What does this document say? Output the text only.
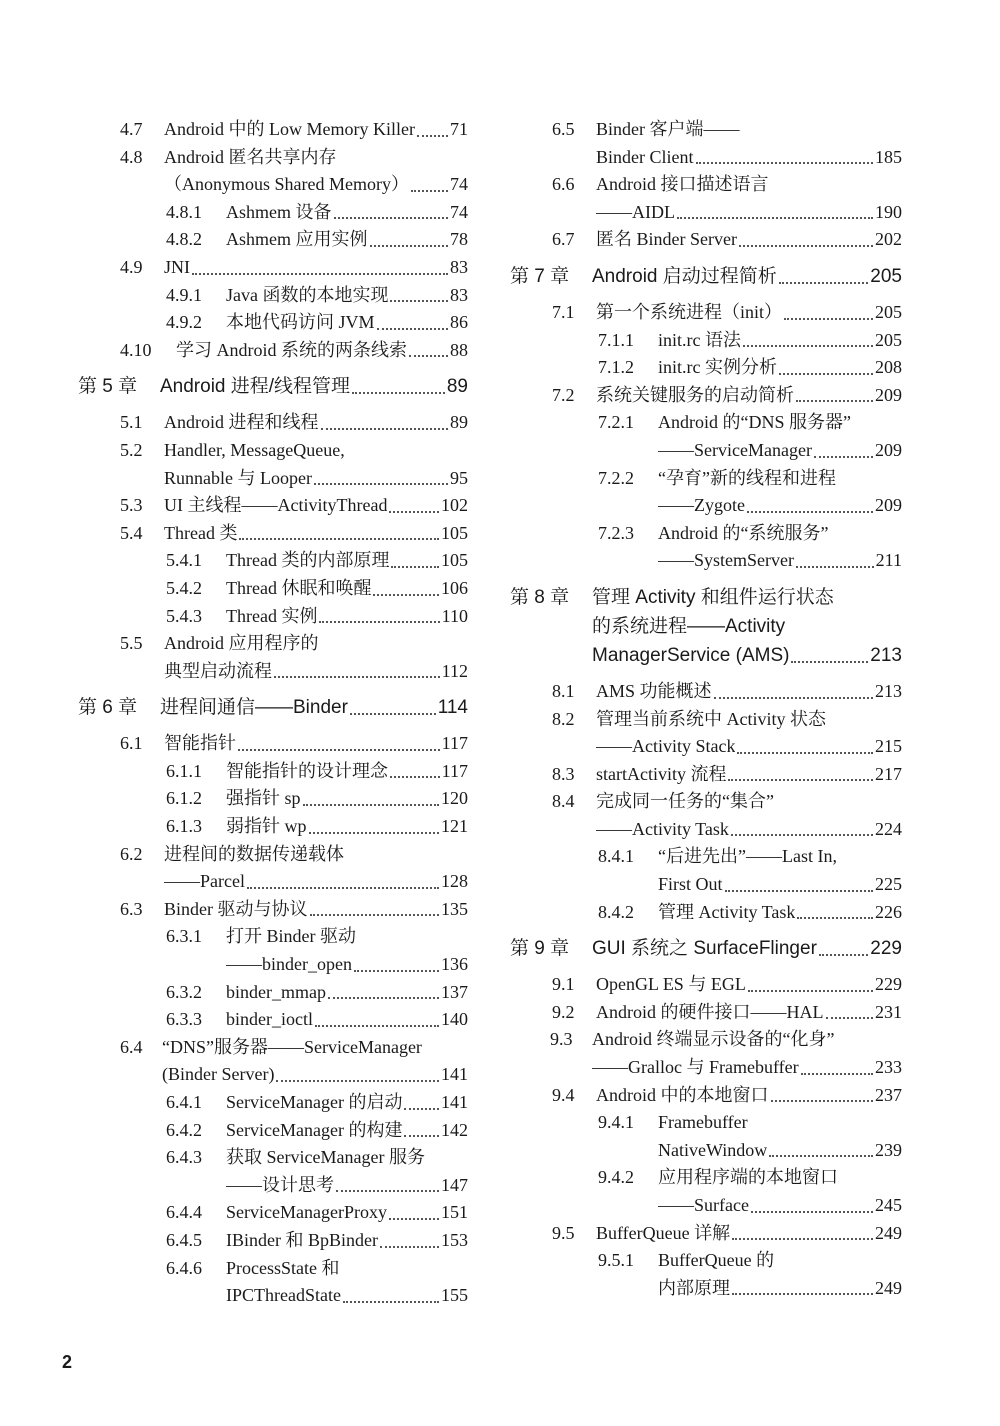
4.7	Android 中的 Low Memory Killer 71
4.8	Android 匿名共享内存
（Anonymous Shared Memory） 74
4.8.1	Ashmem 设备	74
4.8.2	Ashmem 应用实例	78
4.9	JNI	83
4.9.1	Java 函数的本地实现	83
4.9.2	本地代码访问 JVM	86
4.10	学习 Android 系统的两条线索 88
第 5 章	Android 进程/线程管理	89
5.1	Android 进程和线程	89
5.2	Handler, MessageQueue,
Runnable 与 Looper	95
5.3	UI 主线程——ActivityThread	102
5.4	Thread 类	105
5.4.1	Thread 类的内部原理	105
5.4.2	Thread 休眠和唤醒	106
5.4.3	Thread 实例	110
5.5	Android 应用程序的
典型启动流程	112
第 6 章	进程间通信——Binder	114
6.1	智能指针	117
6.1.1	智能指针的设计理念	117
6.1.2	强指针 sp	120
6.1.3	弱指针 wp	121
6.2	进程间的数据传递载体
——Parcel	128
6.3	Binder 驱动与协议	135
6.3.1	打开 Binder 驱动
——binder_open	136
6.3.2	binder_mmap	137
6.3.3	binder_ioctl	140
6.4	“DNS”服务器——ServiceManager
(Binder Server)	141
6.4.1	ServiceManager 的启动 141
6.4.2	ServiceManager 的构建 142
6.4.3	获取 ServiceManager 服务
——设计思考	147
6.4.4	ServiceManagerProxy	151
6.4.5	IBinder 和 BpBinder	153
6.4.6	ProcessState 和
IPCThreadState	155
6.5	Binder 客户端——
Binder Client	185
6.6	Android 接口描述语言
——AIDL	190
6.7	匿名 Binder Server	202
第 7 章	Android 启动过程简析	205
7.1	第一个系统进程（init）	205
7.1.1	init.rc 语法	205
7.1.2	init.rc 实例分析	208
7.2	系统关键服务的启动简析	209
7.2.1	Android 的“DNS 服务器”
——ServiceManager	209
7.2.2	“孕育”新的线程和进程
——Zygote	209
7.2.3	Android 的“系统服务”
——SystemServer	211
第 8 章	管理 Activity 和组件运行状态
的系统进程——Activity
ManagerService (AMS)	213
8.1	AMS 功能概述	213
8.2	管理当前系统中 Activity 状态
——Activity Stack	215
8.3	startActivity 流程	217
8.4	完成同一任务的“集合”
——Activity Task	224
8.4.1	“后进先出”——Last In,
First Out	225
8.4.2	管理 Activity Task	226
第 9 章	GUI 系统之 SurfaceFlinger	229
9.1	OpenGL ES 与 EGL	229
9.2	Android 的硬件接口——HAL	231
9.3	Android 终端显示设备的“化身”
——Gralloc 与 Framebuffer	233
9.4	Android 中的本地窗口	237
9.4.1	Framebuffer
NativeWindow	239
9.4.2	应用程序端的本地窗口
——Surface	245
9.5	BufferQueue 详解	249
9.5.1	BufferQueue 的
内部原理	249
2
